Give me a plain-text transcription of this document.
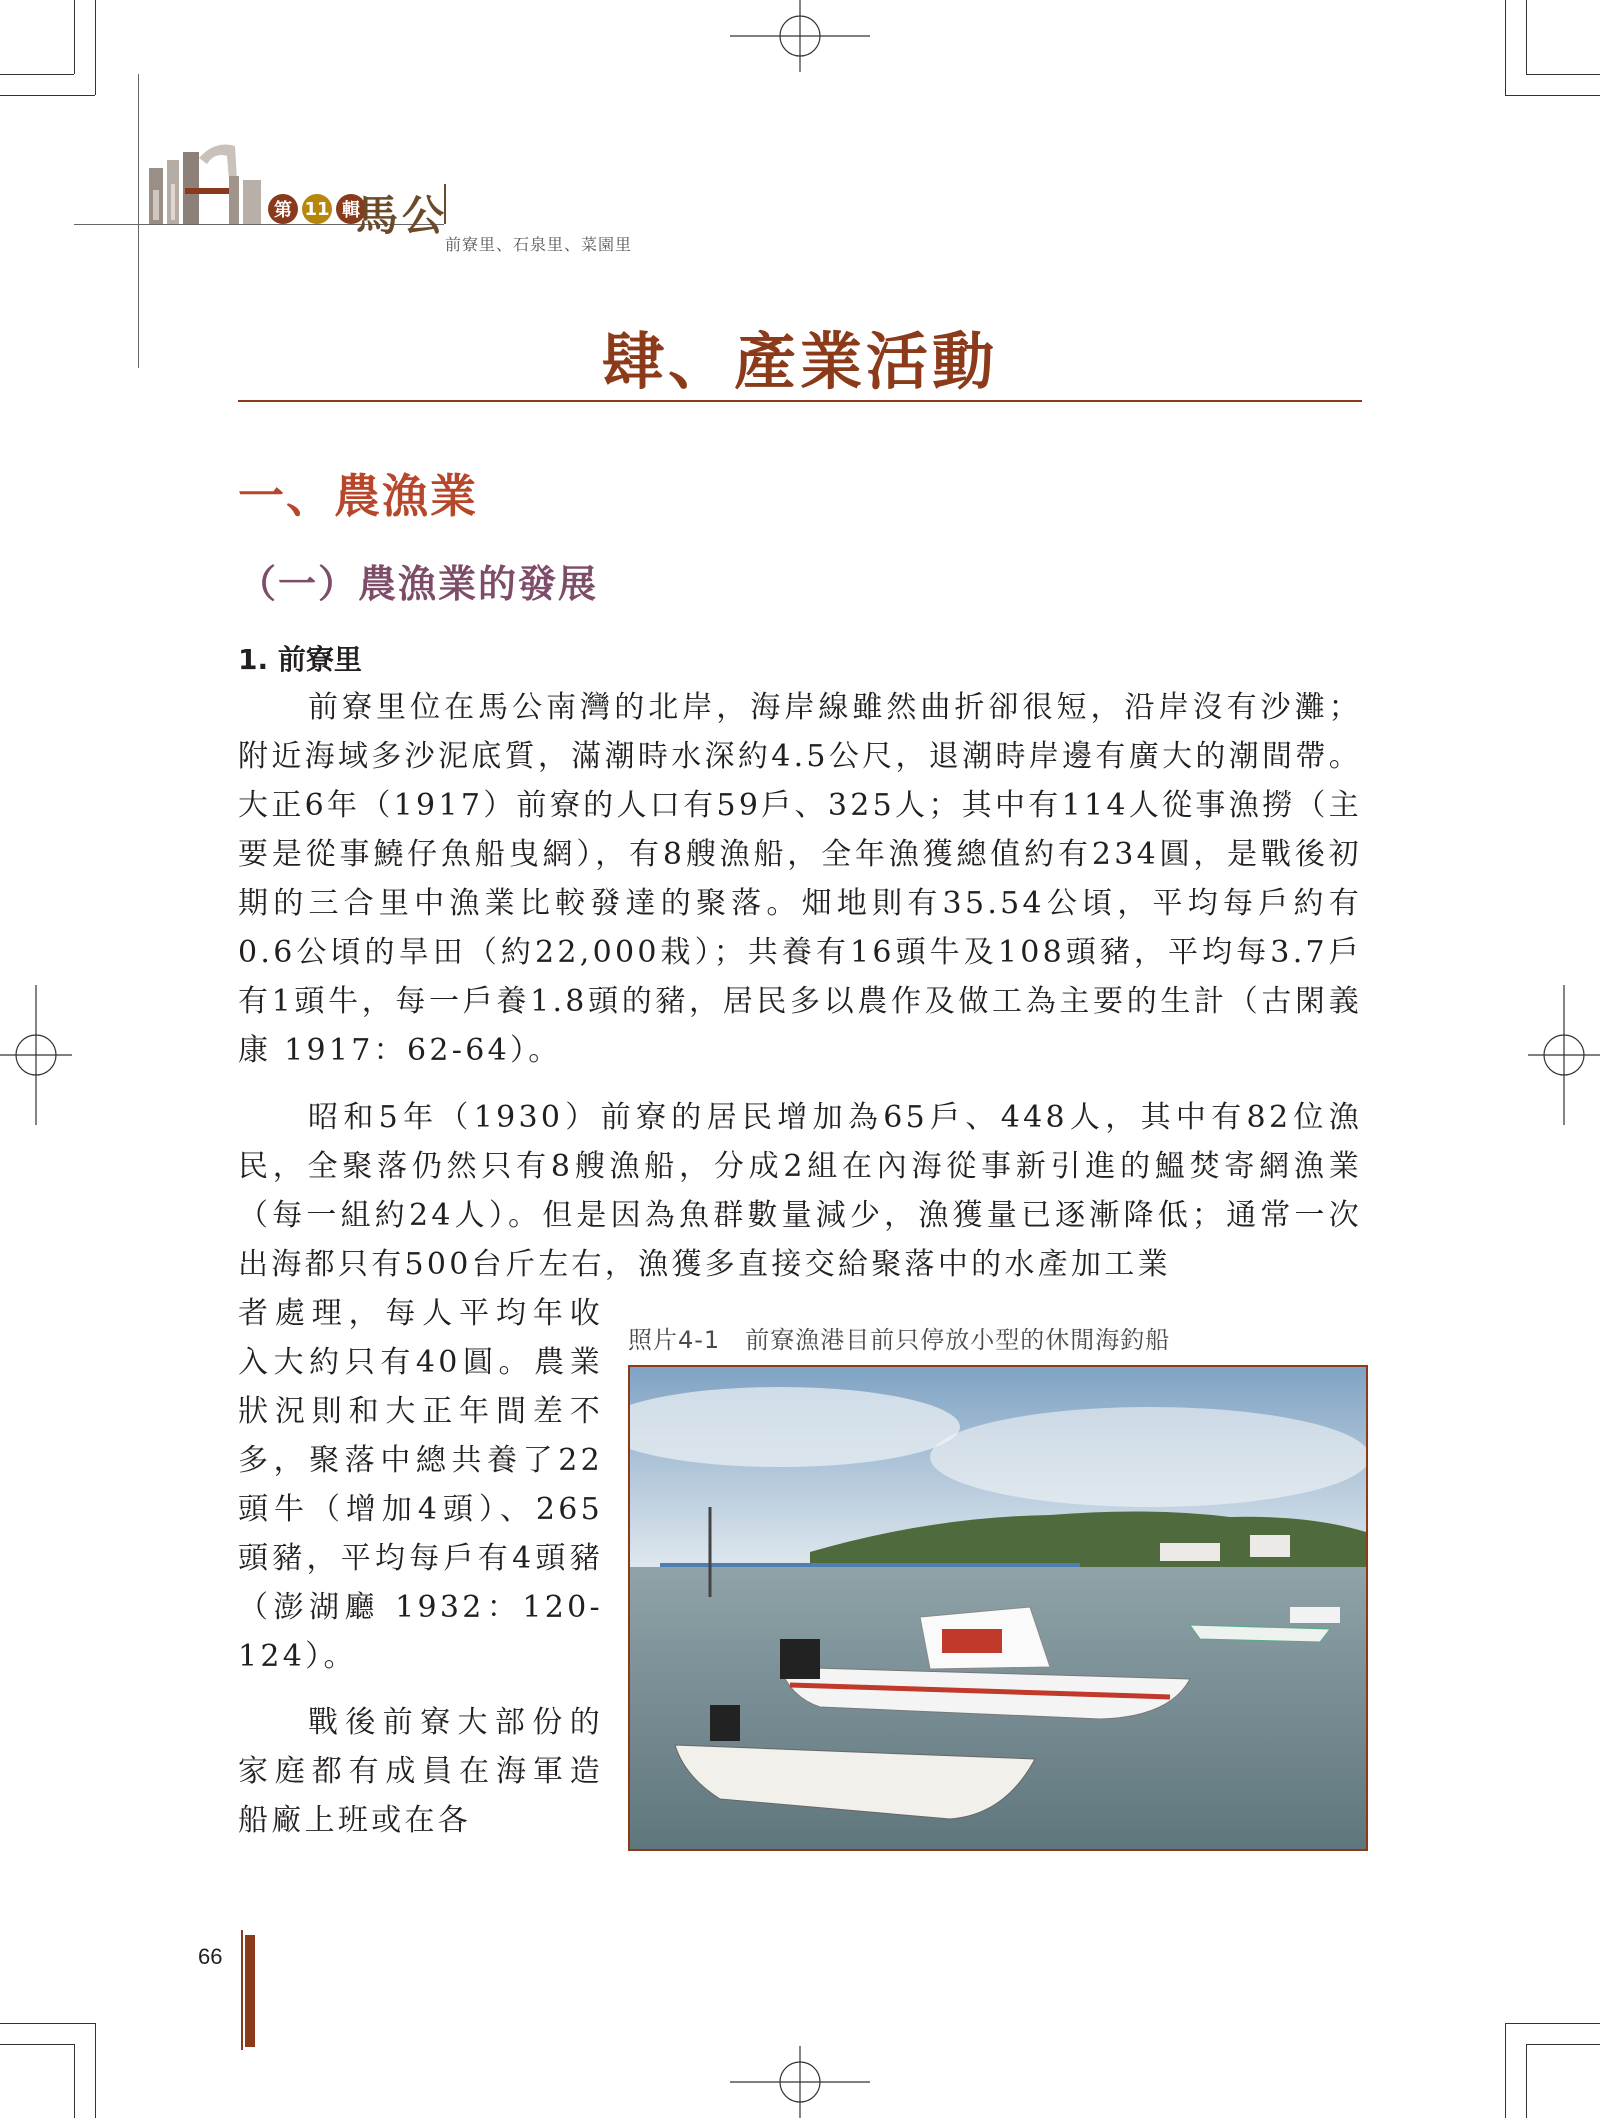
第 11 輯
馬公
前寮里、石泉里、菜園里
肆、產業活動
一、農漁業
（一）農漁業的發展
1. 前寮里

前寮里位在馬公南灣的北岸，海岸線雖然曲折卻很短，沿岸沒有沙灘；附近海域多沙泥底質，滿潮時水深約4.5公尺，退潮時岸邊有廣大的潮間帶。大正6年（1917）前寮的人口有59戶、325人；其中有114人從事漁撈（主要是從事鱙仔魚船曳網），有8艘漁船，全年漁獲總值約有234圓，是戰後初期的三合里中漁業比較發達的聚落。畑地則有35.54公頃，平均每戶約有0.6公頃的旱田（約22,000栽）；共養有16頭牛及108頭豬，平均每3.7戶有1頭牛，每一戶養1.8頭的豬，居民多以農作及做工為主要的生計（古閑義康 1917：62-64）。

昭和5年（1930）前寮的居民增加為65戶、448人，其中有82位漁民，全聚落仍然只有8艘漁船，分成2組在內海從事新引進的鰮焚寄網漁業（每一組約24人）。但是因為魚群數量減少，漁獲量已逐漸降低；通常一次出海都只有500台斤左右，漁獲多直接交給聚落中的水產加工業

者處理，每人平均年收入大約只有40圓。農業狀況則和大正年間差不多，聚落中總共養了22頭牛（增加4頭）、265頭豬，平均每戶有4頭豬（澎湖廳 1932：120-124）。

戰後前寮大部份的家庭都有成員在海軍造船廠上班或在各

照片4-1　前寮漁港目前只停放小型的休閒海釣船
66
